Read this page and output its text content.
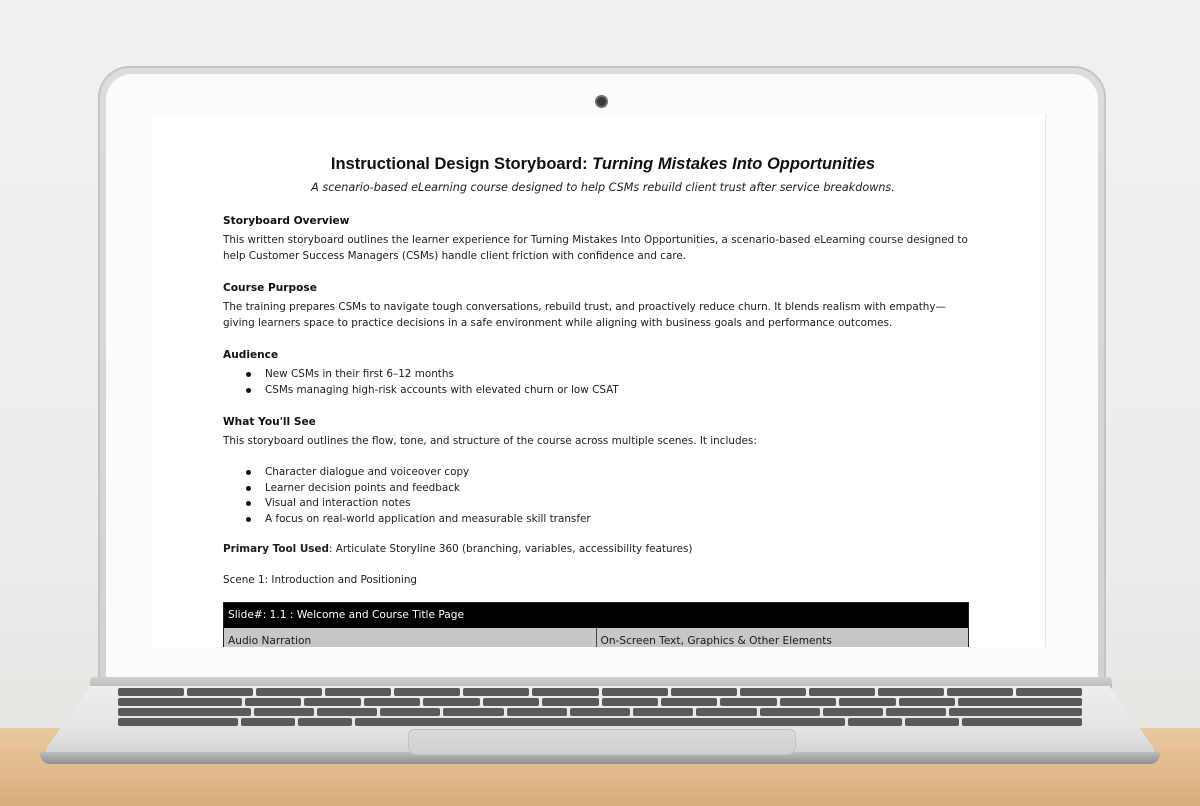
Instructional Design Storyboard: Turning Mistakes Into Opportunities
A scenario-based eLearning course designed to help CSMs rebuild client trust after service breakdowns.
Storyboard Overview
This written storyboard outlines the learner experience for Turning Mistakes Into Opportunities, a scenario-based eLearning course designed to help Customer Success Managers (CSMs) handle client friction with confidence and care.
Course Purpose
The training prepares CSMs to navigate tough conversations, rebuild trust, and proactively reduce churn. It blends realism with empathy—giving learners space to practice decisions in a safe environment while aligning with business goals and performance outcomes.
Audience
New CSMs in their first 6–12 months
CSMs managing high-risk accounts with elevated churn or low CSAT
What You'll See
This storyboard outlines the flow, tone, and structure of the course across multiple scenes. It includes:
Character dialogue and voiceover copy
Learner decision points and feedback
Visual and interaction notes
A focus on real-world application and measurable skill transfer
Primary Tool Used: Articulate Storyline 360 (branching, variables, accessibility features)
Scene 1: Introduction and Positioning
Slide#: 1.1 : Welcome and Course Title Page
Audio Narration	On-Screen Text, Graphics & Other Elements
